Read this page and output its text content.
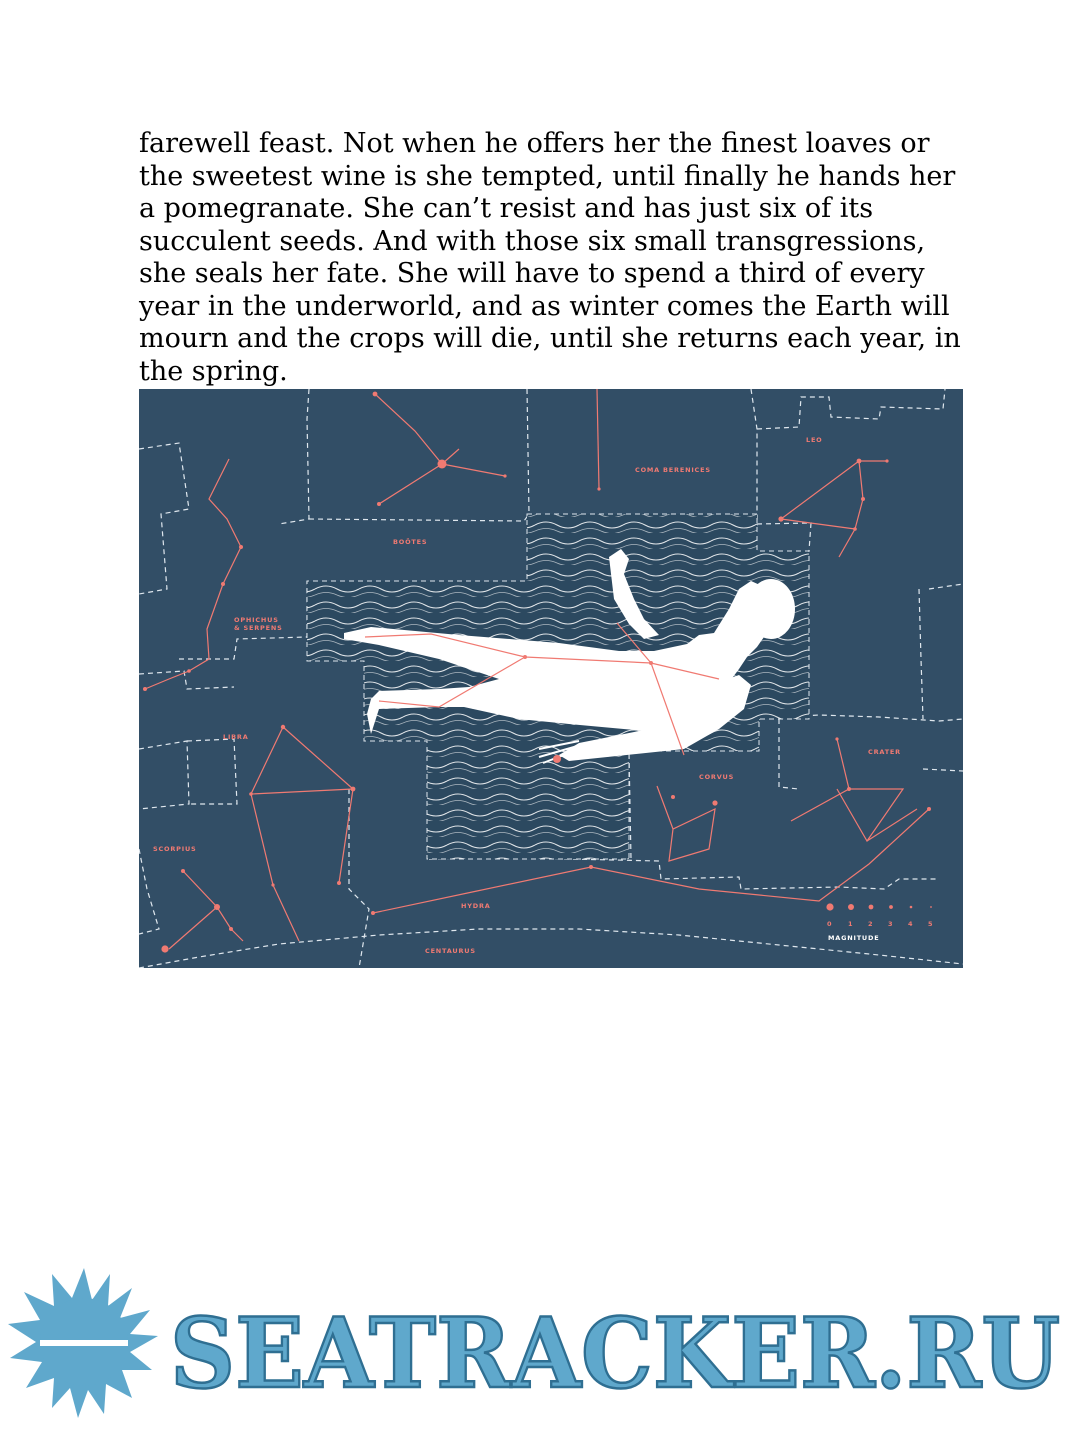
farewell feast. Not when he offers her the finest loaves or
the sweetest wine is she tempted, until finally he hands her
a pomegranate. She can’t resist and has just six of its
succulent seeds. And with those six small transgressions,
she seals her fate. She will have to spend a third of every
year in the underworld, and as winter comes the Earth will
mourn and the crops will die, until she returns each year, in
the spring.
BOÖTES
COMA BERENICES
LEO
OPHICHUS
& SERPENS
LIBRA
CRATER
CORVUS
SCORPIUS
HYDRA
CENTAURUS
0 1 2 3 4 5
MAGNITUDE
SEATRACKER.RU
